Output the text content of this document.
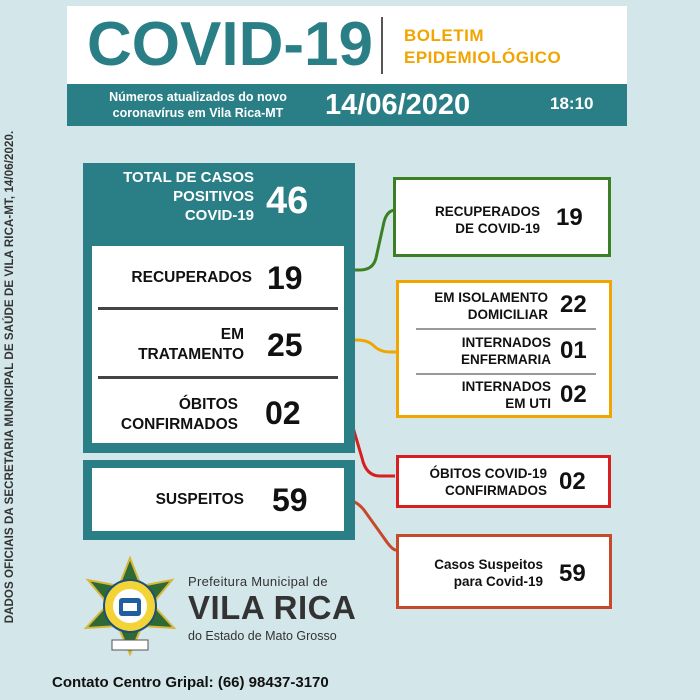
DADOS OFICIAIS DA SECRETARIA MUNICIPAL DE SAÚDE DE VILA RICA-MT, 14/06/2020.
COVID-19 BOLETIM
EPIDEMIOLÓGICO
Números atualizados do novo
coronavírus em Vila Rica-MT	14/06/2020	18:10
TOTAL DE CASOS
POSITIVOS
COVID-19 46
RECUPERADOS 19
EM
TRATAMENTO 25
ÓBITOS
CONFIRMADOS 02
SUSPEITOS 59
RECUPERADOS
DE COVID-19 19
EM ISOLAMENTO
DOMICILIAR 22
INTERNADOS
ENFERMARIA 01
INTERNADOS
EM UTI 02
ÓBITOS COVID-19
CONFIRMADOS 02
Casos Suspeitos
para Covid-19 59
Prefeitura Municipal de
VILA RICA
do Estado de Mato Grosso
Contato Centro Gripal: (66) 98437-3170
